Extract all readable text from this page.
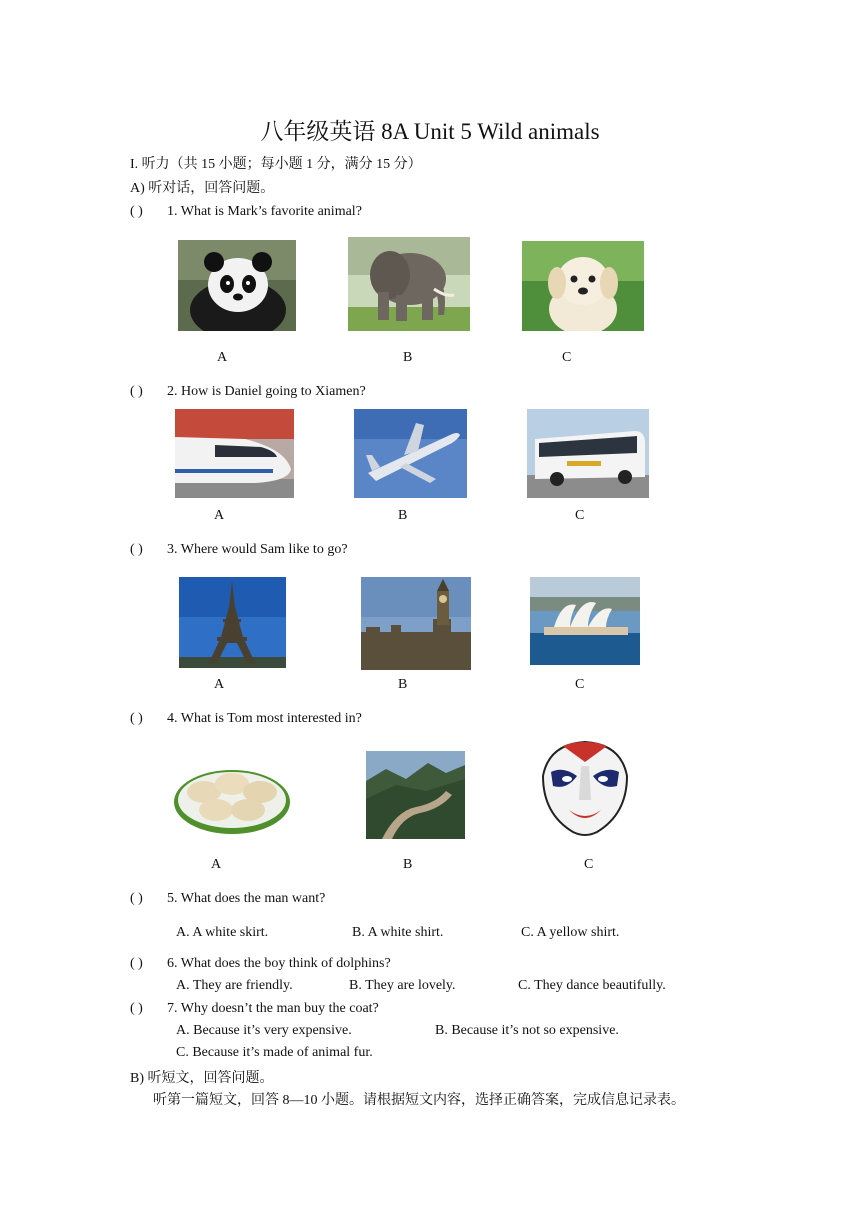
八年级英语 8A Unit 5 Wild animals
I. 听力（共 15 小题；每小题 1 分，满分 15 分）
A) 听对话，回答问题。
( ) 1. What is Mark’s favorite animal?
A	B	C
( ) 2. How is Daniel going to Xiamen?
A	B	C
( ) 3. Where would Sam like to go?
A	B	C
( ) 4. What is Tom most interested in?
A	B	C
( ) 5. What does the man want?
A. A white skirt.	B. A white shirt.	C. A yellow shirt.
( ) 6. What does the boy think of dolphins?
A. They are friendly.	B. They are lovely.	C. They dance beautifully.
( ) 7. Why doesn’t the man buy the coat?
A. Because it’s very expensive.	B. Because it’s not so expensive.
C. Because it’s made of animal fur.
B) 听短文，回答问题。
听第一篇短文，回答 8—10 小题。请根据短文内容，选择正确答案，完成信息记录表。
